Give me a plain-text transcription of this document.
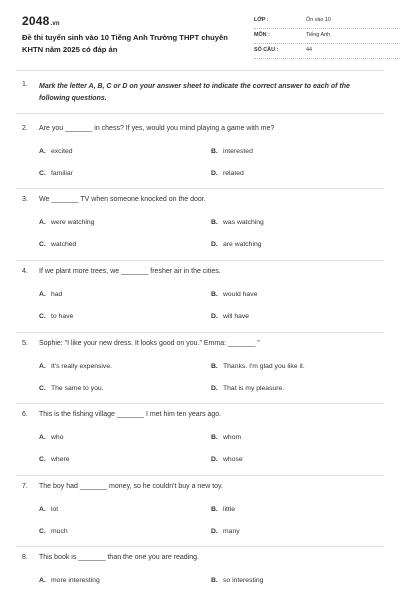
2048.vn
Đề thi tuyển sinh vào 10 Tiếng Anh Trường THPT chuyên KHTN năm 2025 có đáp án
LỚP :	Ôn vào 10
MÔN :	Tiếng Anh
SỐ CÂU :	44
1. Mark the letter A, B, C or D on your answer sheet to indicate the correct answer to each of the following questions.
2. Are you _______ in chess? If yes, would you mind playing a game with me?
A. excited	B. interested
C. familiar	D. related
3. We _______ TV when someone knocked on the door.
A. were watching	B. was watching
C. watched	D. are watching
4. If we plant more trees, we _______ fresher air in the cities.
A. had	B. would have
C. to have	D. will have
5. Sophie: "I like your new dress. It looks good on you." Emma: _______ "
A. It's really expensive.	B. Thanks. I'm glad you like it.
C. The same to you.	D. That is my pleasure.
6. This is the fishing village _______ I met him ten years ago.
A. who	B. whom
C. where	D. whose
7. The boy had _______ money, so he couldn't buy a new toy.
A. lot	B. little
C. much	D. many
8. This book is _______ than the one you are reading.
A. more interesting	B. so interesting
